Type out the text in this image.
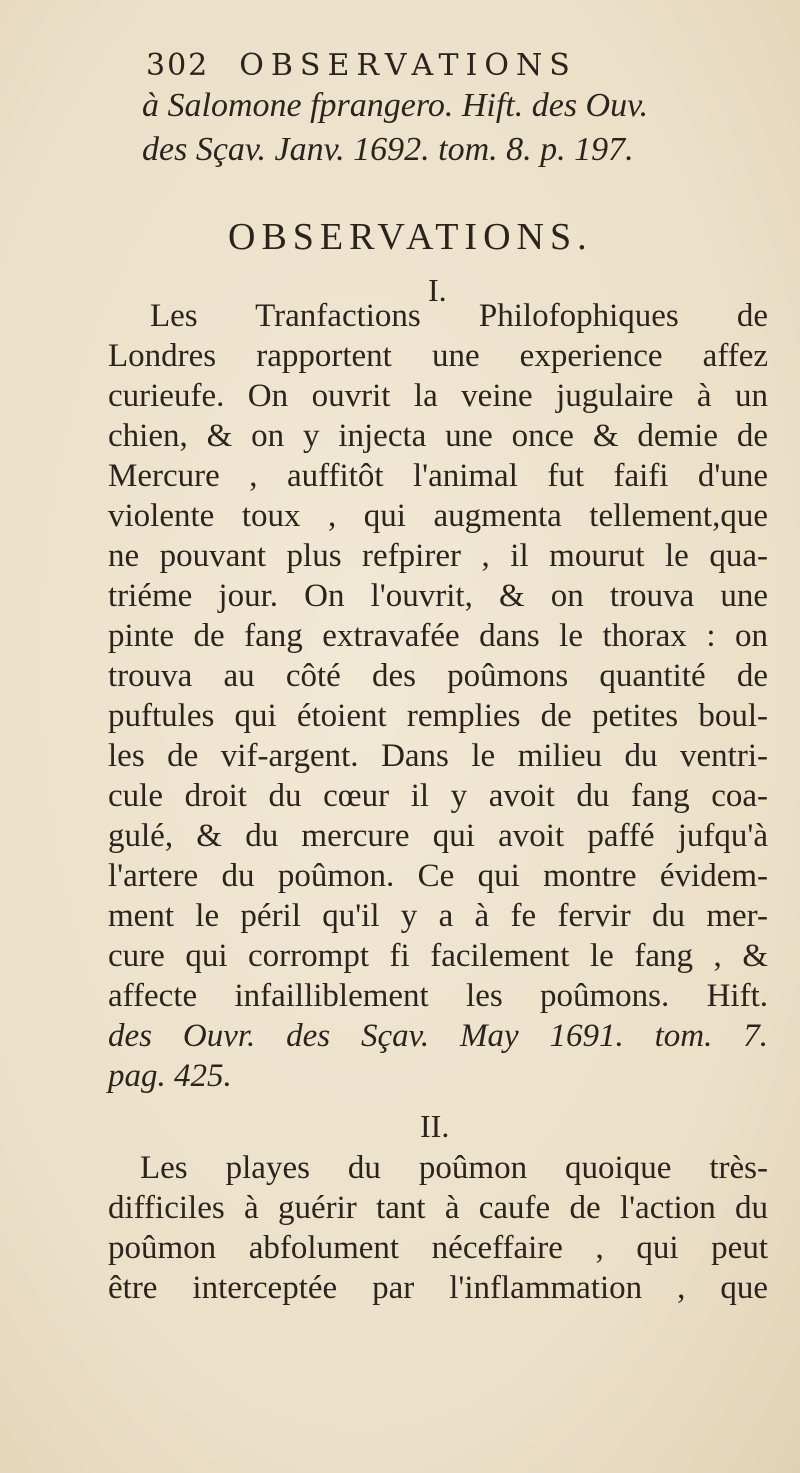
302 OBSERVATIONS
à Salomone fprangero. Hift. des Ouv.
des Sçav. Janv. 1692. tom. 8. p. 197.
OBSERVATIONS.
I.
Les Tranfactions Philofophiques de
Londres rapportent une experience affez
curieufe. On ouvrit la veine jugulaire à un
chien, & on y injecta une once & demie de
Mercure , auffitôt l'animal fut faifi d'une
violente toux , qui augmenta tellement,que
ne pouvant plus refpirer , il mourut le qua-
triéme jour. On l'ouvrit, & on trouva une
pinte de fang extravafée dans le thorax : on
trouva au côté des poûmons quantité de
puftules qui étoient remplies de petites boul-
les de vif-argent. Dans le milieu du ventri-
cule droit du cœur il y avoit du fang coa-
gulé, & du mercure qui avoit paffé jufqu'à
l'artere du poûmon. Ce qui montre évidem-
ment le péril qu'il y a à fe fervir du mer-
cure qui corrompt fi facilement le fang , &
affecte infailliblement les poûmons. Hift.
des Ouvr. des Sçav. May 1691. tom. 7.
pag. 425.
II.
Les playes du poûmon quoique très-
difficiles à guérir tant à caufe de l'action du
poûmon abfolument néceffaire , qui peut
être interceptée par l'inflammation , que
